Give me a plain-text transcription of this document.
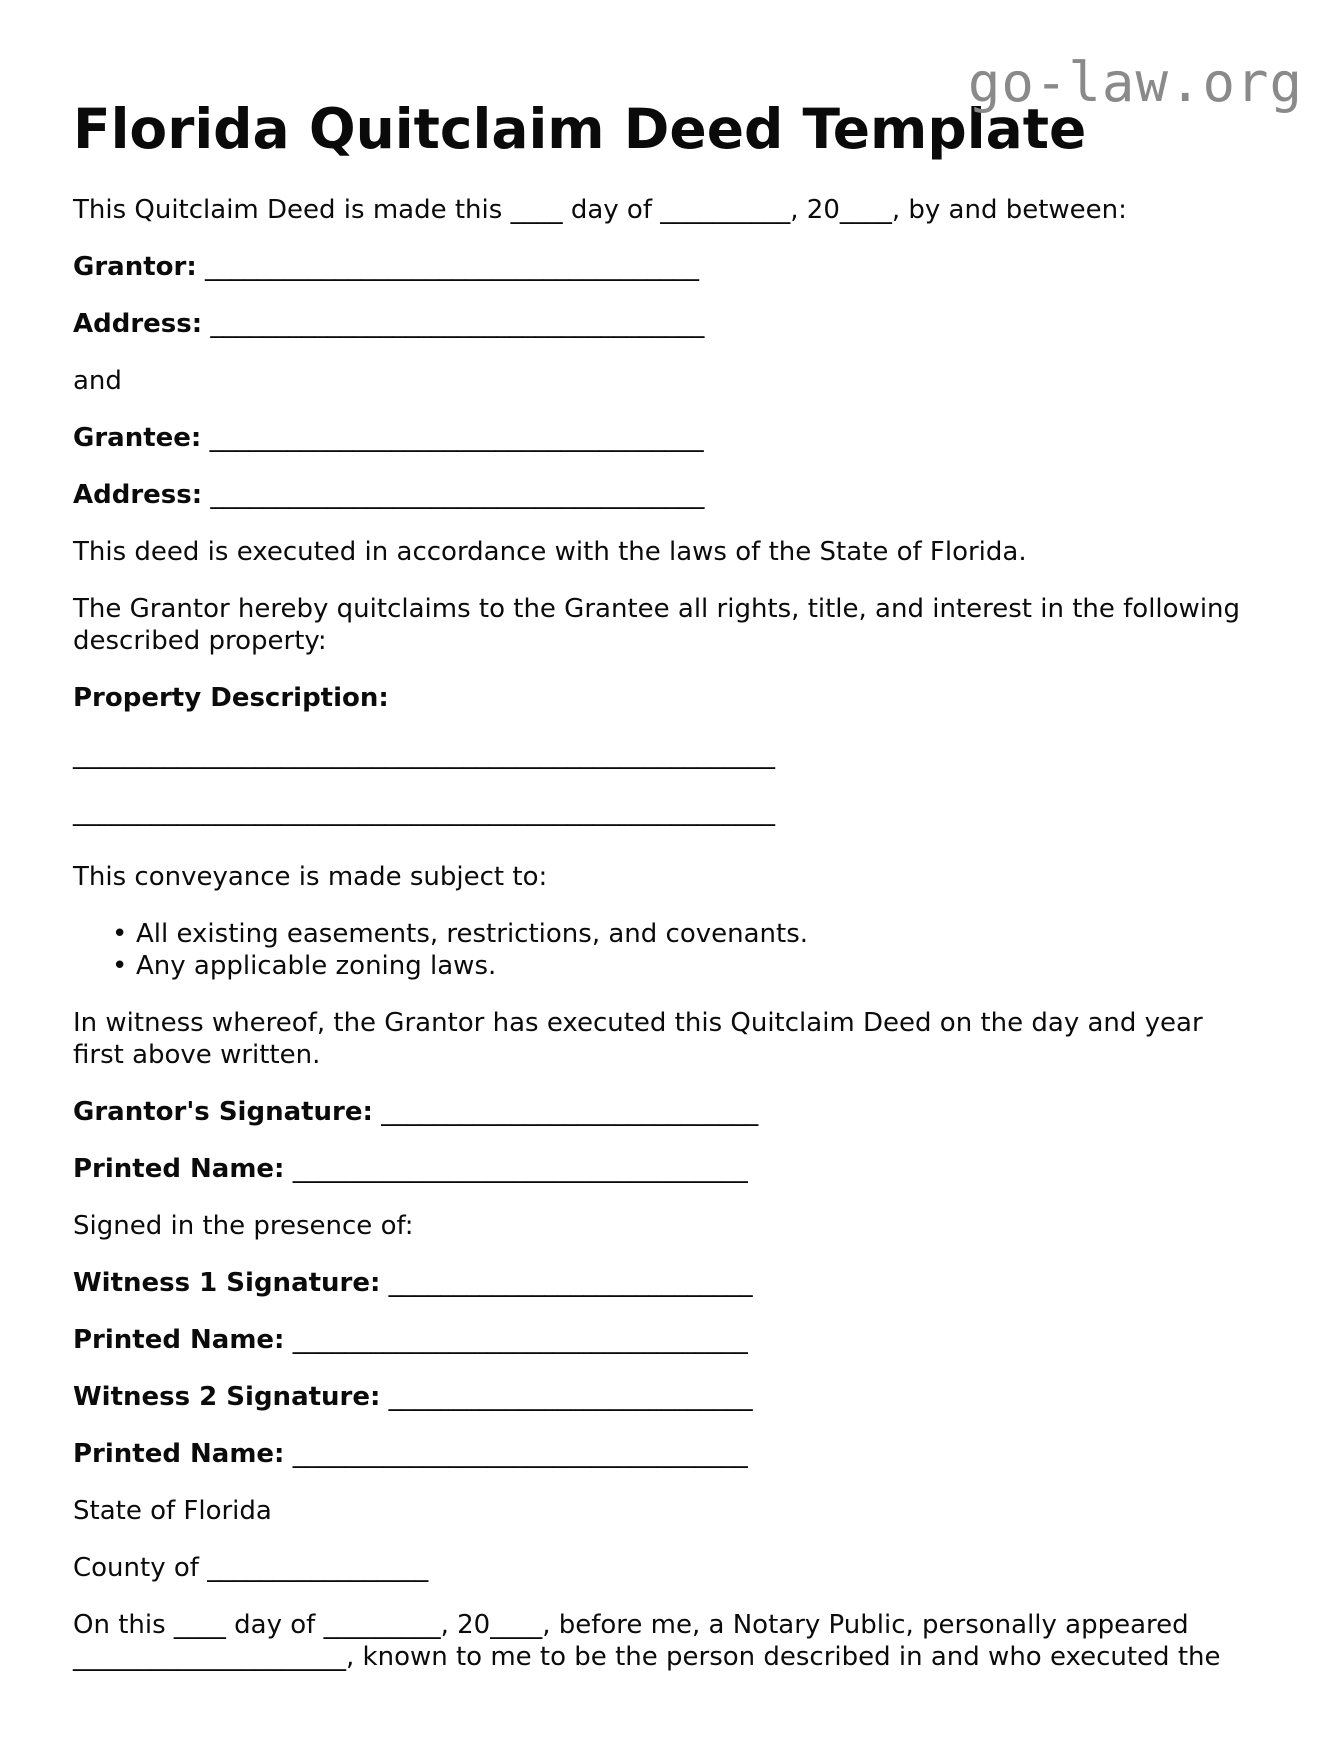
go-law.org
Florida Quitclaim Deed Template

This Quitclaim Deed is made this ____ day of __________, 20____, by and between:

Grantor: ______________________________________

Address: ______________________________________

and

Grantee: ______________________________________

Address: ______________________________________

This deed is executed in accordance with the laws of the State of Florida.

The Grantor hereby quitclaims to the Grantee all rights, title, and interest in the following
described property:

Property Description:

______________________________________________________

______________________________________________________

This conveyance is made subject to:

• All existing easements, restrictions, and covenants.
• Any applicable zoning laws.

In witness whereof, the Grantor has executed this Quitclaim Deed on the day and year
first above written.

Grantor's Signature: _____________________________

Printed Name: ___________________________________

Signed in the presence of:

Witness 1 Signature: ____________________________

Printed Name: ___________________________________

Witness 2 Signature: ____________________________

Printed Name: ___________________________________

State of Florida

County of _________________

On this ____ day of _________, 20____, before me, a Notary Public, personally appeared
_____________________, known to me to be the person described in and who executed the
